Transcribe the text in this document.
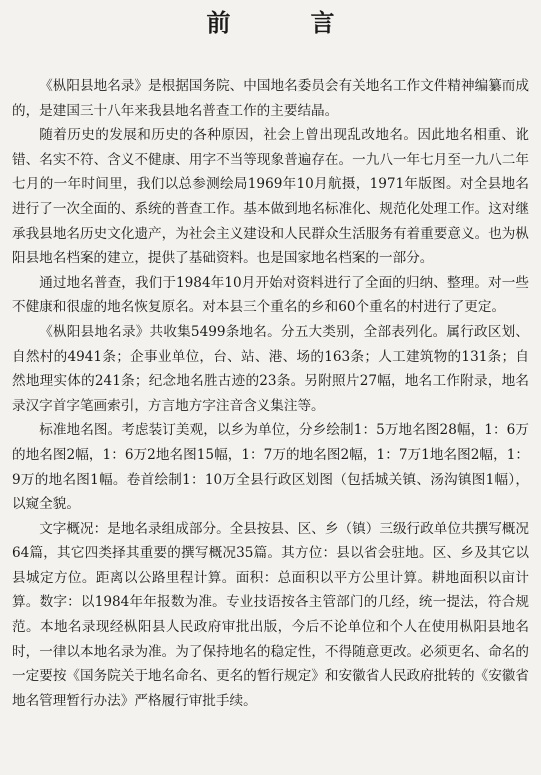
前　言

《枞阳县地名录》是根据国务院、中国地名委员会有关地名工作文件精神编纂而成的，是建国三十八年来我县地名普查工作的主要结晶。

随着历史的发展和历史的各种原因，社会上曾出现乱改地名。因此地名相重、讹错、名实不符、含义不健康、用字不当等现象普遍存在。一九八一年七月至一九八二年七月的一年时间里，我们以总参测绘局1969年10月航摄，1971年版图。对全县地名进行了一次全面的、系统的普查工作。基本做到地名标准化、规范化处理工作。这对继承我县地名历史文化遗产，为社会主义建设和人民群众生活服务有着重要意义。也为枞阳县地名档案的建立，提供了基础资料。也是国家地名档案的一部分。

通过地名普查，我们于1984年10月开始对资料进行了全面的归纳、整理。对一些不健康和很虚的地名恢复原名。对本县三个重名的乡和60个重名的村进行了更定。

《枞阳县地名录》共收集5499条地名。分五大类别，全部表列化。属行政区划、自然村的4941条；企事业单位，台、站、港、场的163条；人工建筑物的131条；自然地理实体的241条；纪念地名胜古迹的23条。另附照片27幅，地名工作附录，地名录汉字首字笔画索引，方言地方字注音含义集注等。

标准地名图。考虑装订美观，以乡为单位，分乡绘制1：5万地名图28幅，1：6万的地名图2幅，1：6万2地名图15幅，1：7万的地名图2幅，1：7万1地名图2幅，1：9万的地名图1幅。卷首绘制1：10万全县行政区划图（包括城关镇、汤沟镇图1幅），以窥全貌。

文字概况：是地名录组成部分。全县按县、区、乡（镇）三级行政单位共撰写概况64篇，其它四类择其重要的撰写概况35篇。其方位：县以省会驻地。区、乡及其它以县城定方位。距离以公路里程计算。面积：总面积以平方公里计算。耕地面积以亩计算。数字：以1984年年报数为准。专业技语按各主管部门的几经，统一提法，符合规范。本地名录现经枞阳县人民政府审批出版，今后不论单位和个人在使用枞阳县地名时，一律以本地名录为准。为了保持地名的稳定性，不得随意更改。必须更名、命名的一定要按《国务院关于地名命名、更名的暂行规定》和安徽省人民政府批转的《安徽省地名管理暂行办法》严格履行审批手续。
